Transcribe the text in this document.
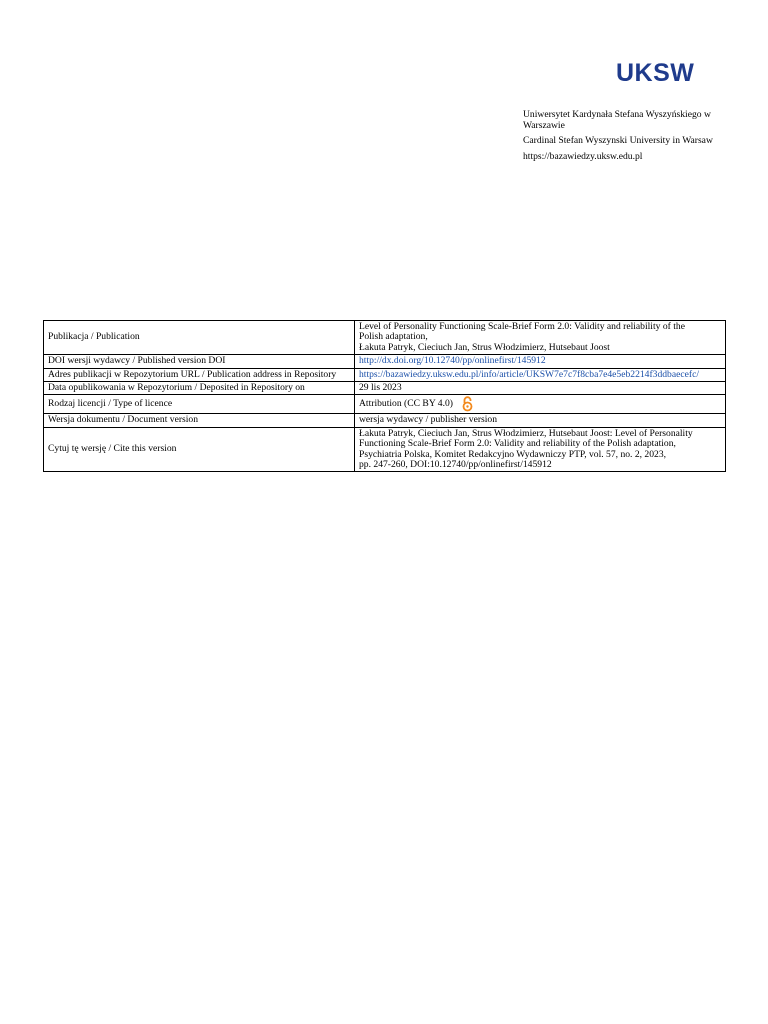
UKSW
Uniwersytet Kardynała Stefana Wyszyńskiego w Warszawie
Cardinal Stefan Wyszynski University in Warsaw
https://bazawiedzy.uksw.edu.pl
Publikacja / Publication	Level of Personality Functioning Scale-Brief Form 2.0: Validity and reliability of the
Polish adaptation,
Łakuta Patryk, Cieciuch Jan, Strus Włodzimierz, Hutsebaut Joost

DOI wersji wydawcy / Published version DOI	http://dx.doi.org/10.12740/pp/onlinefirst/145912
Adres publikacji w Repozytorium URL / Publication address in Repository	https://bazawiedzy.uksw.edu.pl/info/article/UKSW7e7c7f8cba7e4e5eb2214f3ddbaecefc/
Data opublikowania w Repozytorium / Deposited in Repository on	29 lis 2023
Rodzaj licencji / Type of licence	Attribution (CC BY 4.0)
Wersja dokumentu / Document version	wersja wydawcy / publisher version
Cytuj tę wersję / Cite this version	Łakuta Patryk, Cieciuch Jan, Strus Włodzimierz, Hutsebaut Joost: Level of Personality
Functioning Scale-Brief Form 2.0: Validity and reliability of the Polish adaptation,
Psychiatria Polska, Komitet Redakcyjno Wydawniczy PTP, vol. 57, no. 2, 2023,
pp. 247-260, DOI:10.12740/pp/onlinefirst/145912
